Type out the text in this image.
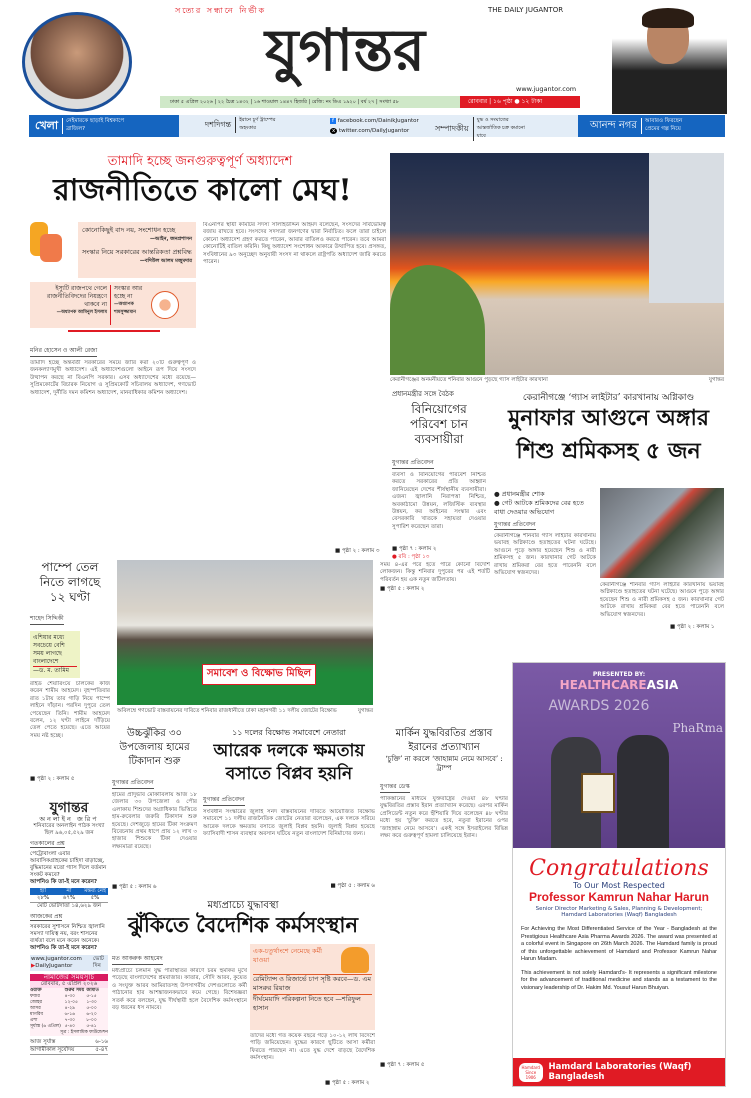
সত্যের সন্ধানে নির্ভীক	THE DAILY JUGANTOR
যুগান্তর
www.jugantor.com
ঢাকা ৫ এপ্রিল ২০২৬ | ২২ চৈত্র ১৪৩২ | ১৬ শাওয়াল ১৪৪৭ হিজরি | রেজি: নং ডিএ ১৯২০ | বর্ষ ২৭ | সংখ্যা ৫৮	রোববার | ১৬ পৃষ্ঠা ● ১২ টাকা
খেলা	নেইমারকে ছাড়াই বিশ্বকাপে ব্রাজিল?
দশদিগন্ত	ইরানে চূর্ণ ট্রাম্পের অহংকার
f facebook.com/DainikJugantor
x twitter.com/DailyJugantor	সম্পাদকীয়
যুদ্ধ ও সংঘাতের আন্তর্জাতিক চক্র কমানো যাবে
আনন্দ নগর	আবারও ফিরছেন প্রেমের গল্প নিয়ে
তামাদি হচ্ছে জনগুরুত্বপূর্ণ অধ্যাদেশ
রাজনীতিতে কালো মেঘ!
কোনোকিছুই বাদ নয়, সংশোধন হচ্ছে
—আইন, জনপ্রশাসন
সংস্কার নিয়ে সরকারের আন্তরিকতা প্রশ্নবিদ্ধ
—বদিউল আলম মজুমদার
ইস্যুটি রাজপথে গেলে রাজনীতিবিদদের নিয়ন্ত্রণে থাকবে না
—অধ্যাপক আমিনুল ইসলাম
সংস্কার আর হচ্ছে না
—অধ্যাপক শামসুজ্জামান
মনির হোসেন ও আলী রেজা
তামাদি হচ্ছে অন্তর্বর্তী সরকারের সময়ে জারি করা ২০টি গুরুত্বপূর্ণ ও জনকল্যাণমুখী অধ্যাদেশ। এই অধ্যাদেশগুলো আইনে রূপ দিয়ে সংসদে উত্থাপন করছে না বিএনপি সরকার। এসব অধ্যাদেশের মধ্যে রয়েছে—সুপ্রিমকোর্টের বিচারক নিয়োগ ও সুপ্রিমকোর্ট সচিবালয় অধ্যাদেশ, গণভোট অধ্যাদেশ, দুর্নীতি দমন কমিশন অধ্যাদেশ, মানবাধিকার কমিশন অধ্যাদেশ।
বিএনপির স্থায়ী কমিটির সদস্য সালাহউদ্দিন আহমদ বলেছেন, সংসদের সার্বভৌমত্ব বজায় রাখতে হবে। সংসদের সদস্যরা জনগণের দ্বারা নির্বাচিত। ফলে তারা চাইলে কোনো অধ্যাদেশ গ্রহণ করতে পারেন, আবার বাতিলও করতে পারেন। তবে আমরা কোনোটিই বাতিল করিনি। কিছু অধ্যাদেশ সংশোধন আকারে উত্থাপিত হবে। প্রসঙ্গত, সংবিধানের ৯৩ অনুচ্ছেদ অনুযায়ী সংসদ না থাকলে রাষ্ট্রপতি অধ্যাদেশ জারি করতে পারেন।
■ পৃষ্ঠা ২ : কলাম ৩
কেরানীগঞ্জের অনমনীয়তে শনিবার আগুনে পুড়ছে গ্যাস লাইটার কারখানা	যুগান্তর
প্রধানমন্ত্রীর সঙ্গে বৈঠক
বিনিয়োগের পরিবেশ চান ব্যবসায়ীরা
যুগান্তর প্রতিবেদন
ব্যবসা ও বিনিয়োগের পরিবেশ নিশ্চিত করতে সরকারের প্রতি আহ্বান জানিয়েছেন দেশের শীর্ষস্থানীয় ব্যবসায়ীরা। এজন্য জ্বালানি নিরাপত্তা নিশ্চিত, অবকাঠামো উন্নয়ন, লজিস্টিক ব্যবস্থার উন্নয়ন, কর আইনের সংস্কার এবং বেসরকারি খাতকে সহায়তা দেওয়ার সুপারিশ করেছেন তারা।
■ পৃষ্ঠা ৭ : কলাম ২
● রবি : পৃষ্ঠা ১৩
কেরানীগঞ্জে ‘গ্যাস লাইটার’ কারখানায় অগ্নিকাণ্ড
মুনাফার আগুনে অঙ্গার শিশু শ্রমিকসহ ৫ জন
● প্রধানমন্ত্রীর শোক
● গেট আটকে শ্রমিকদের বের হতে বাধা দেওয়ার অভিযোগ
যুগান্তর প্রতিবেদন
কেরানীগঞ্জে শনিবার গ্যাস লাইটার কারখানায় ভয়াবহ অগ্নিকাণ্ডে হতাহতের ঘটনা ঘটেছে। আগুনে পুড়ে অঙ্গার হয়েছেন শিশু ও নারী শ্রমিকসহ ৫ জন। কারখানার গেট আটকে রাখায় শ্রমিকরা বের হতে পারেননি বলে অভিযোগ স্বজনদের।
কেরানীগঞ্জে শনিবার গ্যাস লাইটার কারখানায় ভয়াবহ অগ্নিকাণ্ডে হতাহতের ঘটনা ঘটেছে। আগুনে পুড়ে অঙ্গার হয়েছেন শিশু ও নারী শ্রমিকসহ ৫ জন। কারখানার গেট আটকে রাখায় শ্রমিকরা বের হতে পারেননি বলে অভিযোগ স্বজনদের।
■ পৃষ্ঠা ২ : কলাম ১
পাম্পে তেল নিতে লাগছে ১২ ঘণ্টা
শাহেদ সিদ্দিকী
এশিয়ার মধ্যে সবচেয়ে বেশি সময় লাগছে বাংলাদেশে
—ড. ম. তামিম
রাইড শেয়ারিংয়ে চালকের কাজ করেন শামীম আহমেদ। বৃহস্পতিবার রাত ১টায় তার গাড়ি নিয়ে পাম্পে লাইনে দাঁড়ান। পরদিন দুপুরে তেল পেয়েছেন তিনি। শামীম আহমেদ বলেন, ১২ ঘণ্টা লাইনে দাঁড়িয়ে তেল পেতে হয়েছে। এতে আয়ের সময় নষ্ট হচ্ছে।
■ পৃষ্ঠা ২ : কলাম ৫
সমাবেশ ও বিক্ষোভ মিছিল
অবিলম্বে গণভোট বাস্তবায়নের দাবিতে শনিবার রাজধানীতে ঢাকা মহানগরী ১১ দলীয় জোটের বিক্ষোভ	যুগান্তর
সময় ৪-এর পরে হতে পারে কোনো বিদেশি লোকজন। কিন্তু শনিবার দুপুরের পর এই শর্তটি পরিবর্তন হয় এক নতুন জটিলতায়।
■ পৃষ্ঠা ৫ : কলাম ২
উচ্চঝুঁকির ৩০ উপজেলায় হামের টিকাদান শুরু
যুগান্তর প্রতিবেদন
হামের প্রাদুর্ভাব মোকাবিলায় আজ ১৮ জেলার ৩০ উপজেলা ও পৌর এলাকায় শিশুদের অগ্রাধিকার ভিত্তিতে হাম-রুবেলার জরুরি টিকাদান শুরু হয়েছে। দেশজুড়ে হামের টিকা সংক্রমণ বিবেচনায় প্রথম ধাপে প্রায় ১২ লাখ ৩ হাজার শিশুকে টিকা দেওয়ার লক্ষ্যমাত্রা রয়েছে।
■ পৃষ্ঠা ৫ : কলাম ৬
১১ দলের বিক্ষোভ সমাবেশে নেতারা
আরেক দলকে ক্ষমতায় বসাতে বিপ্লব হয়নি
যুগান্তর প্রতিবেদন
সংবিধান সংস্কারের জুলাই সনদ বাস্তবায়নের দাবিতে আয়োজিত বিক্ষোভ সমাবেশে ১১ দলীয় রাজনৈতিক জোটের নেতারা বলেছেন, এক দলকে সরিয়ে আরেক দলকে ক্ষমতায় বসাতে জুলাই বিপ্লব হয়নি। জুলাই বিপ্লব হয়েছে ফ্যাসিবাদী শাসন ব্যবস্থার অবসান ঘটিয়ে নতুন বাংলাদেশ বিনির্মাণের জন্য।
■ পৃষ্ঠা ৫ : কলাম ৬
মার্কিন যুদ্ধবিরতির প্রস্তাব ইরানের প্রত্যাখ্যান
‘চুক্তি’ না করলে ‘জাহান্নাম নেমে আসবে’ : ট্রাম্প
যুগান্তর ডেস্ক
পাকিস্তানের মাধ্যমে যুক্তরাষ্ট্রের দেওয়া ৪৮ ঘণ্টার যুদ্ধবিরতির প্রস্তাব ইরান প্রত্যাখ্যান করেছে। এরপর মার্কিন প্রেসিডেন্ট নতুন করে হুঁশিয়ারি দিয়ে বলেছেন ৪৮ ঘণ্টার মধ্যে হয় ‘চুক্তি’ করতে হবে, নতুবা ইরানের ওপর ‘জাহান্নাম নেমে আসবে’। একই সঙ্গে ইসরাইলের বিভিন্ন লক্ষ্য করে গুরুত্বপূর্ণ হামলা চালিয়েছে ইরান।
■ পৃষ্ঠা ৭ : কলাম ৫
মধ্যপ্রাচ্যে যুদ্ধাবস্থা
ঝুঁকিতে বৈদেশিক কর্মসংস্থান
মত আকরুক আহমেদ
মধ্যপ্রাচ্যে চলমান যুদ্ধ পরিস্থিতির কারণে চরম হুমকির মুখে পড়েছে বাংলাদেশের শ্রমবাজার। কাতার, সৌদি আরব, কুয়েত ও সংযুক্ত আরব আমিরাতসহ উপসাগরীয় দেশগুলোতে কর্মী পাঠানোর হার আশঙ্কাজনকভাবে কমে গেছে। বিশেষজ্ঞরা সতর্ক করে বলছেন, যুদ্ধ দীর্ঘস্থায়ী হলে বৈদেশিক কর্মসংস্থানে বড় ধরনের ধস নামবে।
এক-চতুর্থাংশে নেমেছে কর্মী যাওয়া
রেমিট্যান্স ও রিজার্ভে চাপ সৃষ্টি করবে—ড. এম মাসরুর রিয়াজ
দীর্ঘমেয়াদি পরিকল্পনা নিতে হবে —শরিফুল হাসান
তাদের মধ্যে গত কয়েক বছরে গড়ে ১০-১২ লাখ বিদেশে পাড়ি জমিয়েছেন। যুদ্ধের কারণে ছুটিতে আসা কর্মীরা ফিরতে পারছেন না। এতে যুদ্ধ দেশে বাড়ছে বৈদেশিক কর্মসংস্থান।
■ পৃষ্ঠা ৫ : কলাম ২
যুগান্তর
অনলাইন জরিপ
শনিবারের অনলাইন পাঠক সংখ্যা ছিল ৯৬,০৫,৫২৯ জন
গতকালের প্রশ্ন
পেট্রোবাংলা এবার আবাসিকগ্রাহকের চাহিদা বাড়াচ্ছে, বুদ্ধিমানের মতো গ্যাস দিলে বর্তমান সংকট কমবে?
আপনিও কি তা-ই মনে করেন?
হ্যাঁ	না	মন্তব্য নেই
২৮%	৬৭%	৫%
মোট ভোটদাতা ১৪,৬২৯ জন
আজকের প্রশ্ন
সরকারের সুশাসনে নিশ্চিত জ্বালানি সমস্যা দায়িত্ব নয়, বরং শাসনের ব্যর্থতা বলে মনে করেন অনেকে।
আপনিও কি তা-ই মনে করেন?
www.jugantor.com
▶DailyJugantor
ভোট দিন
নামাজের সময়সূচি
রোববার, ৫ এপ্রিল ২০২৬
ওয়াক্ত	শুরুর সময় জামাত
ফজর	৪-৩০	৫-১৫
জোহর	১২-০৫	১-৩০
আসর	৪-২৯	৫-০০
মাগরিব	৬-১৬	৬-২০
এশা	৭-৩০	৮-০০
সূর্যাস্ত (৬ এপ্রিল) ৫-৪০	৫-৪১
সূত্র : ইসলামিক ফাউন্ডেশন
আজ সূর্যাস্ত	৬-১৬
আগামীকাল সূর্যোদয়	৫-৪৭
PRESENTED BY:
HEALTHCAREASIA
AWARDS 2026
PhaRma
Congratulations
To Our Most Respected
Professor Kamrun Nahar Harun
Senior Director Marketing & Sales, Planning & Development;
Hamdard Laboratories (Waqf) Bangladesh
For Achieving the Most Differentiated Service of the Year - Bangladesh at the Prestigious Healthcare Asia Pharma Awards 2026. The award was presented at a colorful event in Singapore on 26th March 2026. The Hamdard family is proud of this unforgettable achievement of Hamdard and Professor Kamrun Nahar Harun Madam.
This achievement is not solely Hamdard's- It represents a significant milestone for the advancement of traditional medicine and stands as a testament to the visionary leadership of Dr. Hakim Md. Yousuf Harun Bhuiyan.
Hamdard
Since 1906
Hamdard Laboratories (Waqf) Bangladesh
